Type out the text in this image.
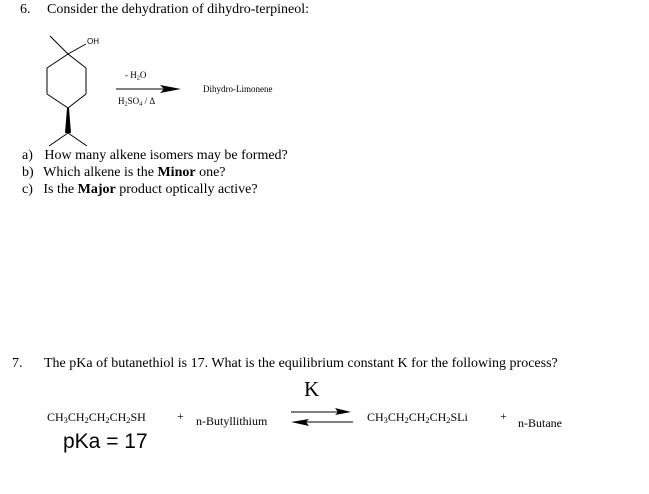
6. Consider the dehydration of dihydro-terpineol:
OH
- $H_2O$
$H_2SO_4$ / Δ
Dihydro-Limonene
a) How many alkene isomers may be formed?
b) Which alkene is the Minor one?
c) Is the Major product optically active?
7. The pKa of butanethiol is 17. What is the equilibrium constant K for the following process?
K
$CH_3CH_2CH_2CH_2SH$	+ n-Butyllithium	$CH_3CH_2CH_2CH_2SLi$	+ n-Butane
pKa = 17
